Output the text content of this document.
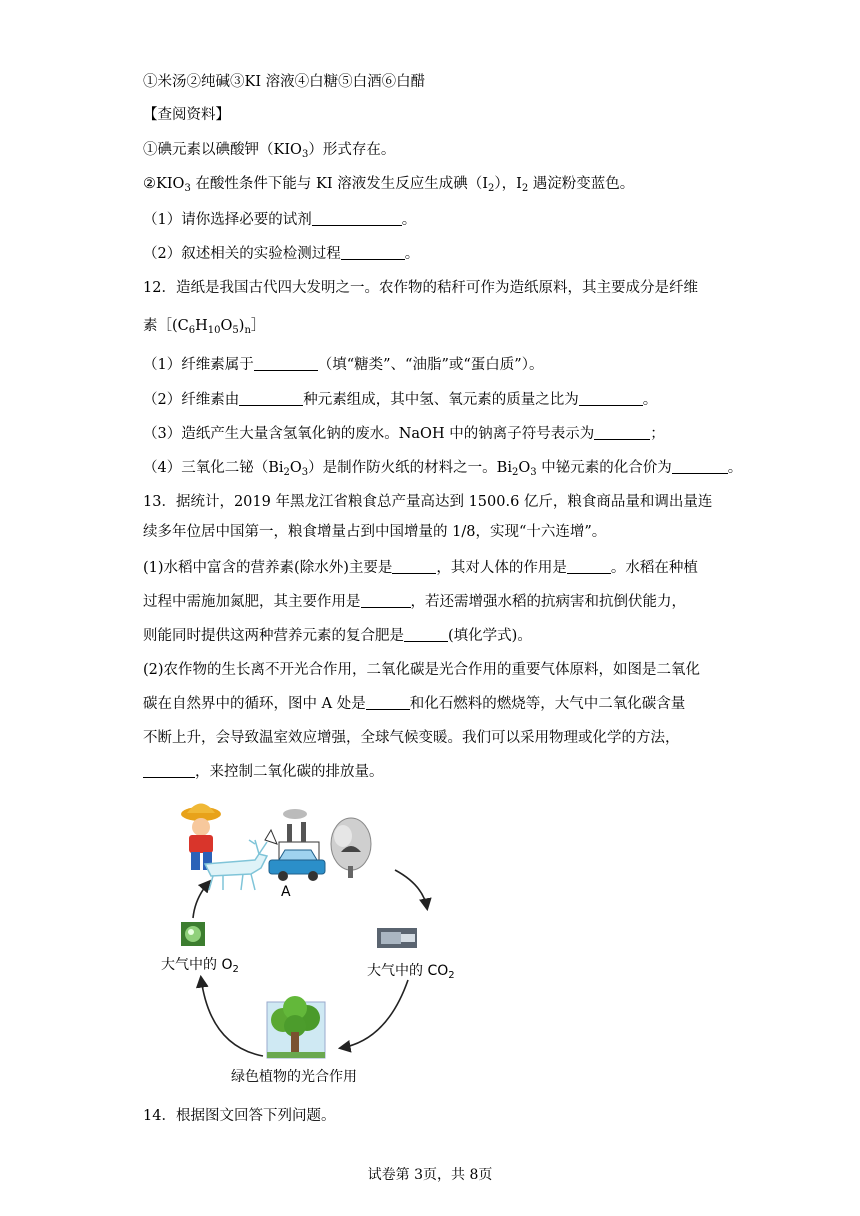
①米汤②纯碱③KI 溶液④白糖⑤白酒⑥白醋
【查阅资料】
①碘元素以碘酸钾$(KIO_3)$形式存在。
$②KIO_3$ 在酸性条件下能与 KI 溶液发生反应生成碘$(I_2)$，$I_2$ 遇淀粉变蓝色。
（1）请你选择必要的试剂	。
（2）叙述相关的实验检测过程	。
12．造纸是我国古代四大发明之一。农作物的秸秆可作为造纸原料，其主要成分是纤维
素$[(C_6H_{10}O_5)_n]$
（1）纤维素属于	（填“糖类”、“油脂”或“蛋白质”）。
（2）纤维素由	种元素组成，其中氢、氧元素的质量之比为	。
（3）造纸产生大量含氢氧化钠的废水。NaOH 中的钠离子符号表示为	；
（4）三氧化二铋$(Bi_2O_3)$是制作防火纸的材料之一。$Bi_2O_3$ 中铋元素的化合价为	。
13．据统计，2019 年黑龙江省粮食总产量高达到 1500.6 亿斤，粮食商品量和调出量连
续多年位居中国第一，粮食增量占到中国增量的 1/8，实现“十六连增”。
(1)水稻中富含的营养素(除水外)主要是	，其对人体的作用是	。水稻在种植
过程中需施加氮肥，其主要作用是	，若还需增强水稻的抗病害和抗倒伏能力，
则能同时提供这两种营养元素的复合肥是	(填化学式)。
(2)农作物的生长离不开光合作用，二氧化碳是光合作用的重要气体原料，如图是二氧化
碳在自然界中的循环，图中 A 处是	和化石燃料的燃烧等，大气中二氧化碳含量
不断上升，会导致温室效应增强，全球气候变暖。我们可以采用物理或化学的方法，
，来控制二氧化碳的排放量。
14．根据图文回答下列问题。
A
大气中的 $O_2$	大气中的 $CO_2$
绿色植物的光合作用
试卷第 3页，共 8页
